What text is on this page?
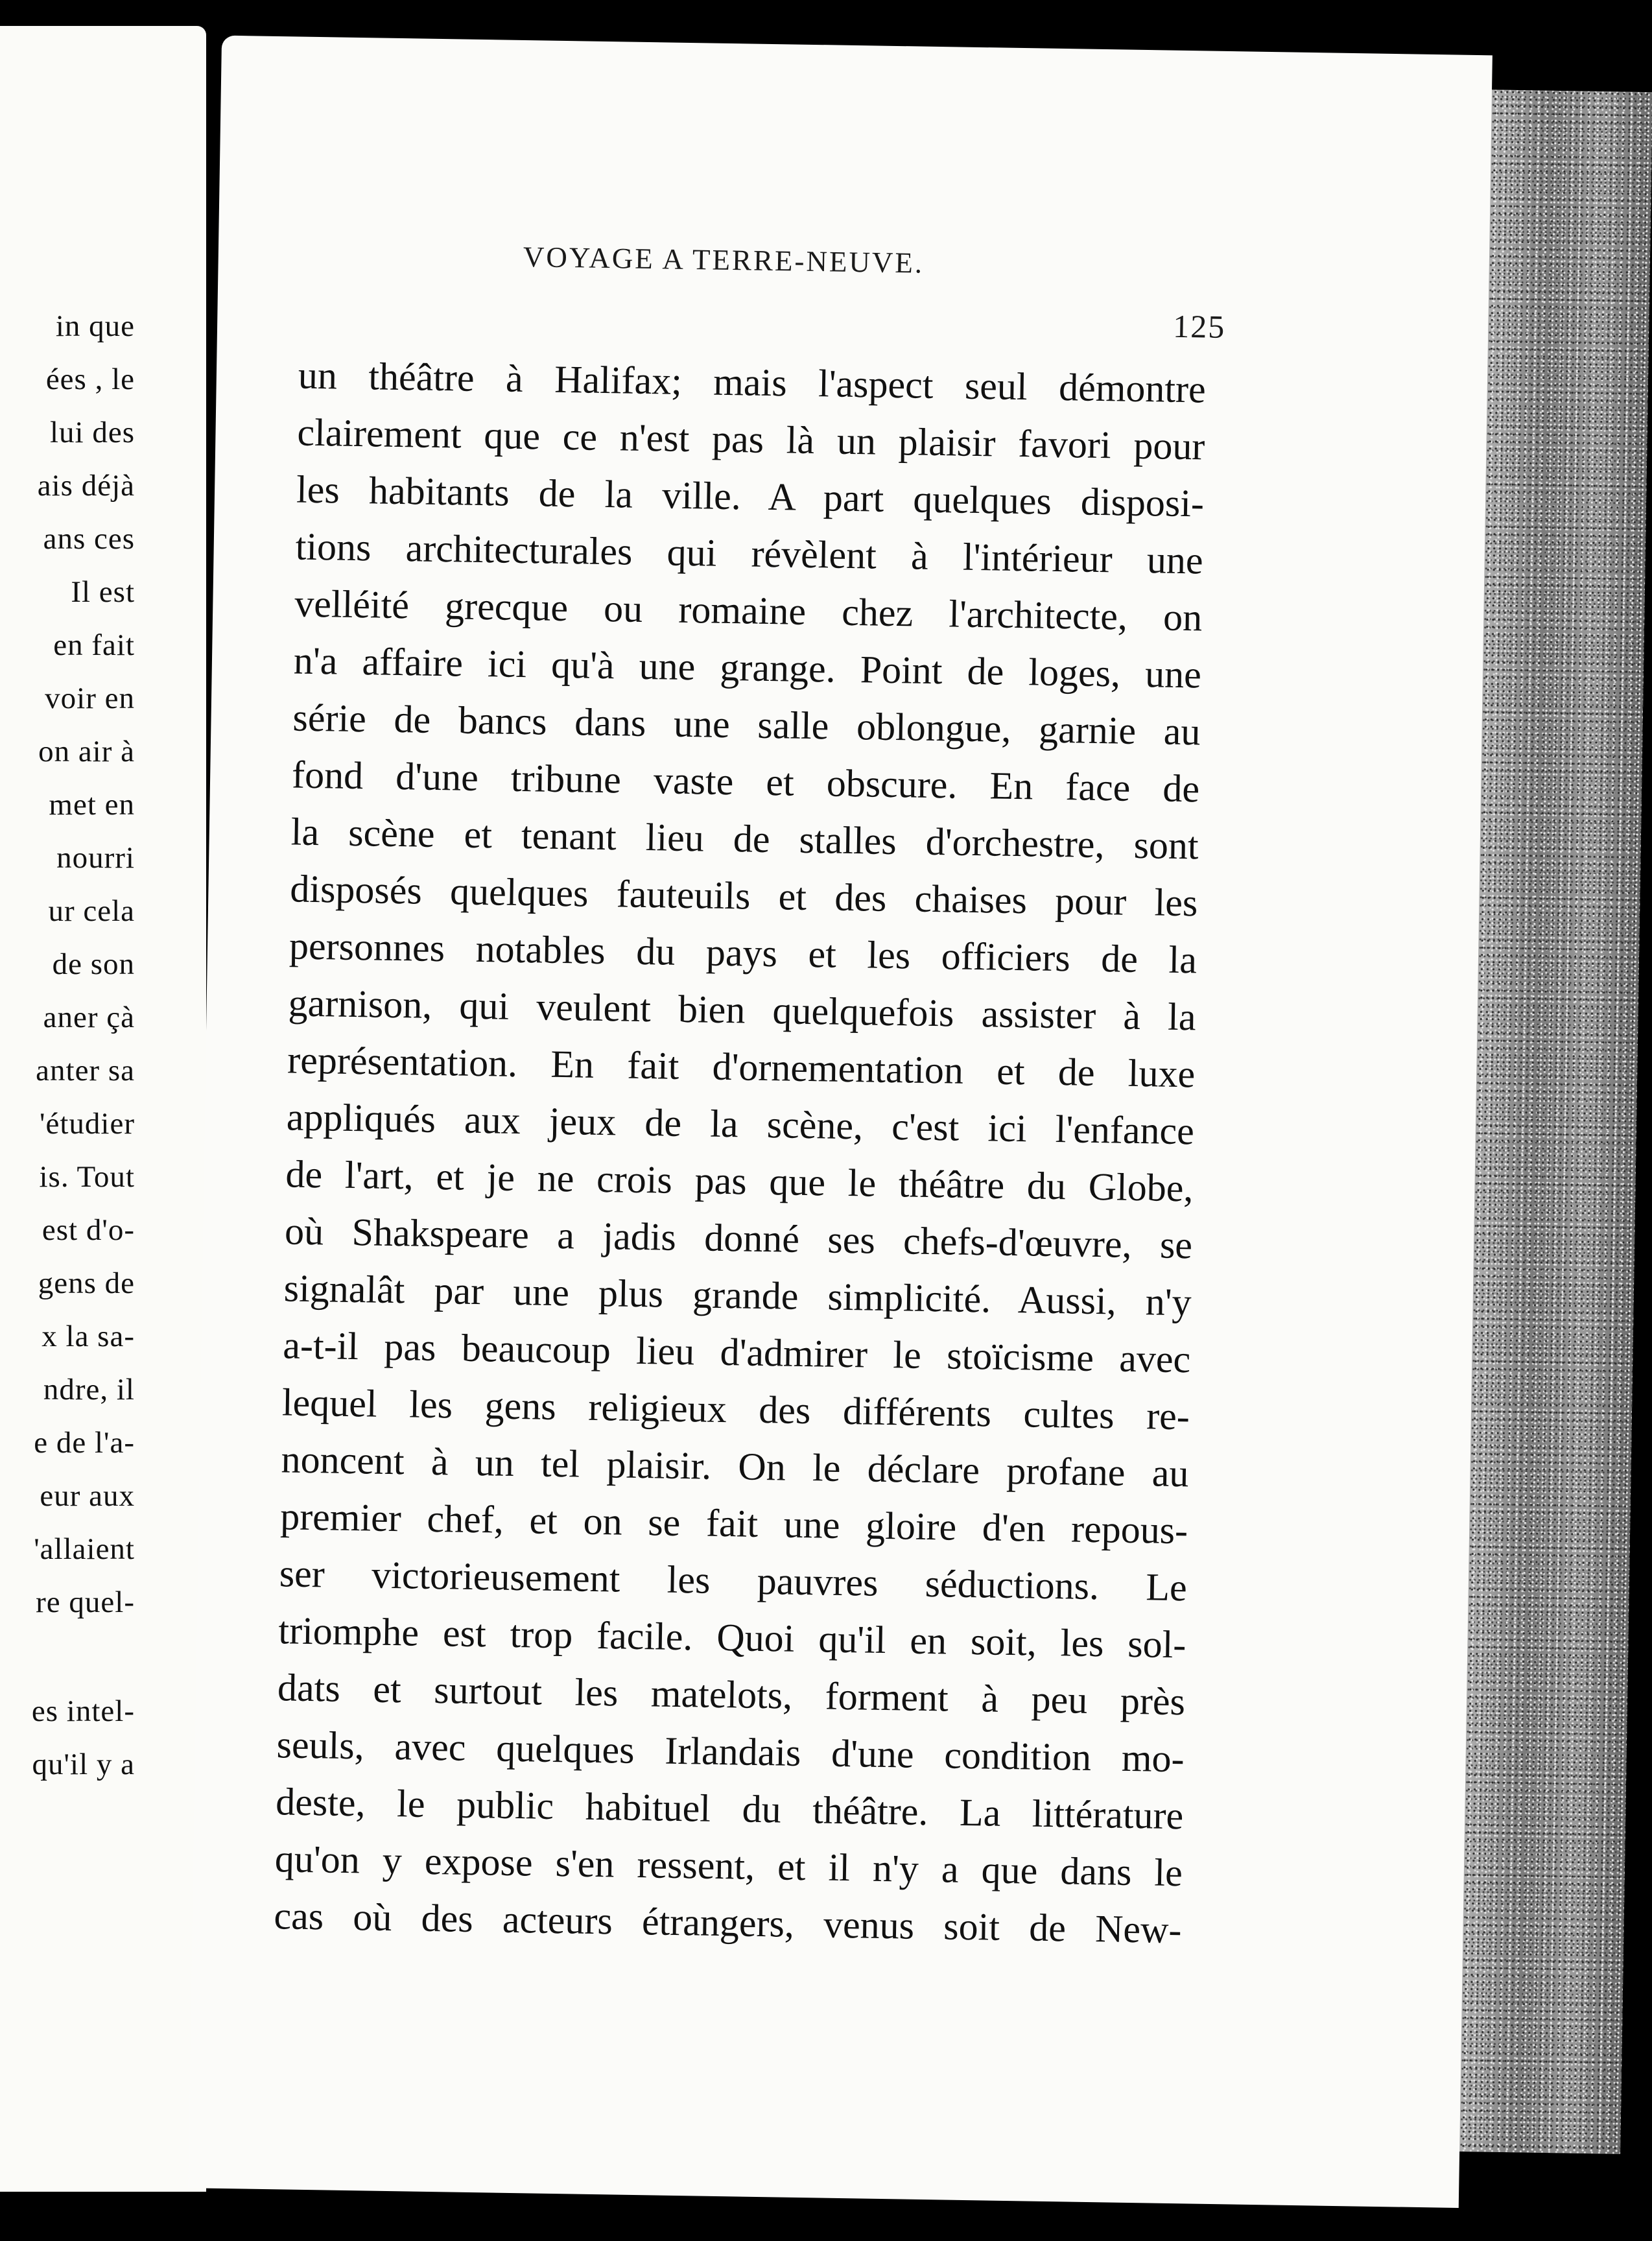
in que
ées , le
lui des
ais déjà
ans ces
Il est
en fait
voir en
on air à
met en
nourri
ur cela
de son
aner çà
anter sa
'étudier
is. Tout
est d'o-
gens de
x la sa-
ndre, il
e de l'a-
eur aux
'allaient
re quel-
es intel-
qu'il y a
VOYAGE A TERRE-NEUVE.
125
un théâtre à Halifax; mais l'aspect seul démontre
clairement que ce n'est pas là un plaisir favori pour
les habitants de la ville. A part quelques disposi-
tions architecturales qui révèlent à l'intérieur une
velléité grecque ou romaine chez l'architecte, on
n'a affaire ici qu'à une grange. Point de loges, une
série de bancs dans une salle oblongue, garnie au
fond d'une tribune vaste et obscure. En face de
la scène et tenant lieu de stalles d'orchestre, sont
disposés quelques fauteuils et des chaises pour les
personnes notables du pays et les officiers de la
garnison, qui veulent bien quelquefois assister à la
représentation. En fait d'ornementation et de luxe
appliqués aux jeux de la scène, c'est ici l'enfance
de l'art, et je ne crois pas que le théâtre du Globe,
où Shakspeare a jadis donné ses chefs-d'œuvre, se
signalât par une plus grande simplicité. Aussi, n'y
a-t-il pas beaucoup lieu d'admirer le stoïcisme avec
lequel les gens religieux des différents cultes re-
noncent à un tel plaisir. On le déclare profane au
premier chef, et on se fait une gloire d'en repous-
ser victorieusement les pauvres séductions. Le
triomphe est trop facile. Quoi qu'il en soit, les sol-
dats et surtout les matelots, forment à peu près
seuls, avec quelques Irlandais d'une condition mo-
deste, le public habituel du théâtre. La littérature
qu'on y expose s'en ressent, et il n'y a que dans le
cas où des acteurs étrangers, venus soit de New-
